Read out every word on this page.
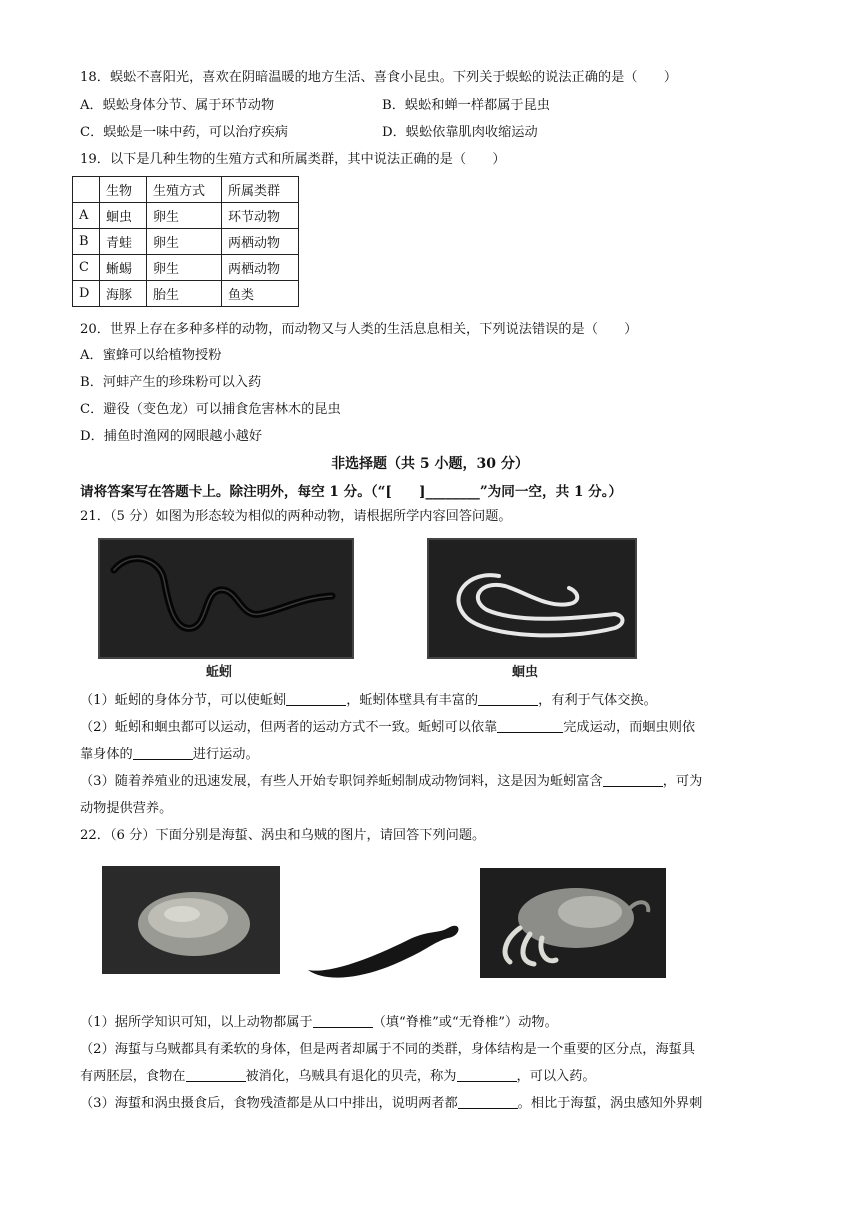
18．蜈蚣不喜阳光，喜欢在阴暗温暖的地方生活、喜食小昆虫。下列关于蜈蚣的说法正确的是（　　）
A．蜈蚣身体分节、属于环节动物	B．蜈蚣和蝉一样都属于昆虫
C．蜈蚣是一味中药，可以治疗疾病	D．蜈蚣依靠肌肉收缩运动
19．以下是几种生物的生殖方式和所属类群，其中说法正确的是（　　）
	生物	生殖方式	所属类群
A	蛔虫	卵生	环节动物
B	青蛙	卵生	两栖动物
C	蜥蜴	卵生	两栖动物
D	海豚	胎生	鱼类
20．世界上存在多种多样的动物，而动物又与人类的生活息息相关，下列说法错误的是（　　）
A．蜜蜂可以给植物授粉
B．河蚌产生的珍珠粉可以入药
C．避役（变色龙）可以捕食危害林木的昆虫
D．捕鱼时渔网的网眼越小越好
非选择题（共 5 小题，30 分）
请将答案写在答题卡上。除注明外，每空 1 分。（“[　　]________”为同一空，共 1 分。）
21．（5 分）如图为形态较为相似的两种动物，请根据所学内容回答问题。
蚯蚓	蛔虫
（1）蚯蚓的身体分节，可以使蚯蚓	，蚯蚓体壁具有丰富的	，有利于气体交换。
（2）蚯蚓和蛔虫都可以运动，但两者的运动方式不一致。蚯蚓可以依靠	完成运动，而蛔虫则依
靠身体的	进行运动。
（3）随着养殖业的迅速发展，有些人开始专职饲养蚯蚓制成动物饲料，这是因为蚯蚓富含	，可为
动物提供营养。
22．（6 分）下面分别是海蜇、涡虫和乌贼的图片，请回答下列问题。
（1）据所学知识可知，以上动物都属于	（填“脊椎”或“无脊椎”）动物。
（2）海蜇与乌贼都具有柔软的身体，但是两者却属于不同的类群，身体结构是一个重要的区分点，海蜇具
有两胚层，食物在	被消化，乌贼具有退化的贝壳，称为	，可以入药。
（3）海蜇和涡虫摄食后，食物残渣都是从口中排出，说明两者都	。相比于海蜇，涡虫感知外界刺
